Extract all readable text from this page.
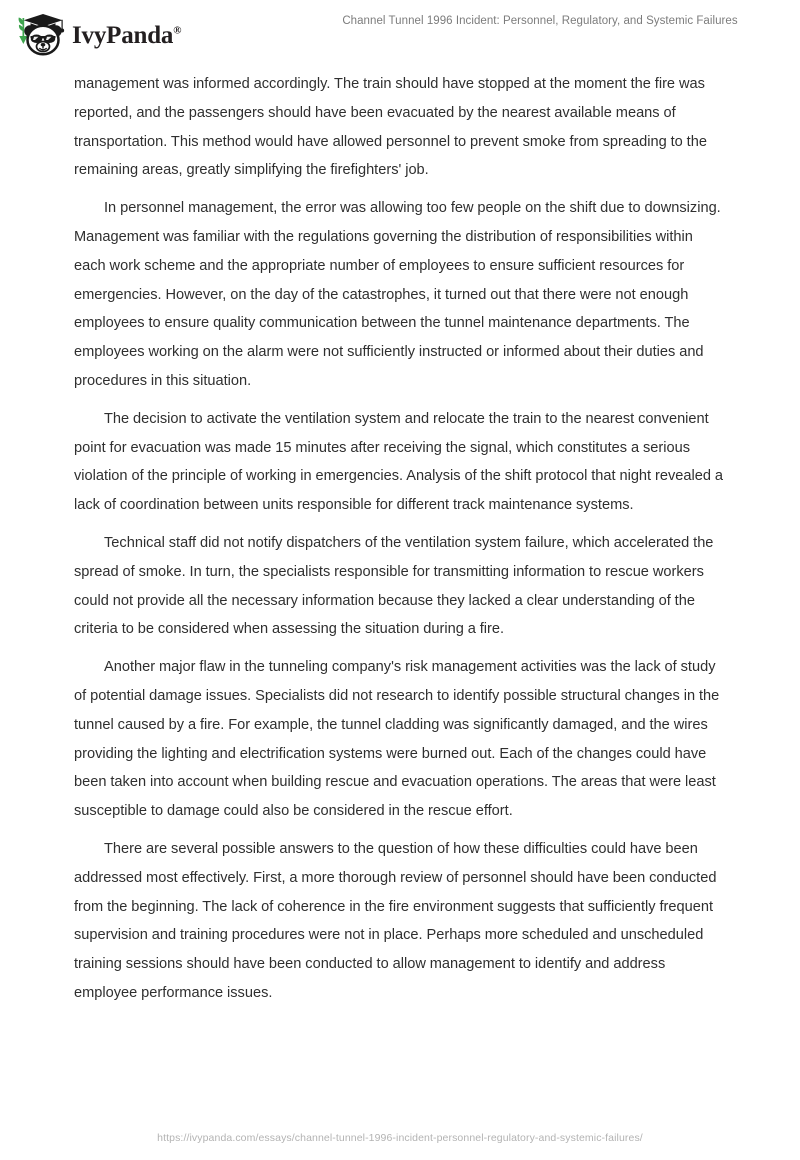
IvyPanda®
Channel Tunnel 1996 Incident: Personnel, Regulatory, and Systemic Failures

management was informed accordingly. The train should have stopped at the moment the fire was reported, and the passengers should have been evacuated by the nearest available means of transportation. This method would have allowed personnel to prevent smoke from spreading to the remaining areas, greatly simplifying the firefighters' job.

In personnel management, the error was allowing too few people on the shift due to downsizing. Management was familiar with the regulations governing the distribution of responsibilities within each work scheme and the appropriate number of employees to ensure sufficient resources for emergencies. However, on the day of the catastrophes, it turned out that there were not enough employees to ensure quality communication between the tunnel maintenance departments. The employees working on the alarm were not sufficiently instructed or informed about their duties and procedures in this situation.

The decision to activate the ventilation system and relocate the train to the nearest convenient point for evacuation was made 15 minutes after receiving the signal, which constitutes a serious violation of the principle of working in emergencies. Analysis of the shift protocol that night revealed a lack of coordination between units responsible for different track maintenance systems.

Technical staff did not notify dispatchers of the ventilation system failure, which accelerated the spread of smoke. In turn, the specialists responsible for transmitting information to rescue workers could not provide all the necessary information because they lacked a clear understanding of the criteria to be considered when assessing the situation during a fire.

Another major flaw in the tunneling company's risk management activities was the lack of study of potential damage issues. Specialists did not research to identify possible structural changes in the tunnel caused by a fire. For example, the tunnel cladding was significantly damaged, and the wires providing the lighting and electrification systems were burned out. Each of the changes could have been taken into account when building rescue and evacuation operations. The areas that were least susceptible to damage could also be considered in the rescue effort.

There are several possible answers to the question of how these difficulties could have been addressed most effectively. First, a more thorough review of personnel should have been conducted from the beginning. The lack of coherence in the fire environment suggests that sufficiently frequent supervision and training procedures were not in place. Perhaps more scheduled and unscheduled training sessions should have been conducted to allow management to identify and address employee performance issues.

https://ivypanda.com/essays/channel-tunnel-1996-incident-personnel-regulatory-and-systemic-failures/
